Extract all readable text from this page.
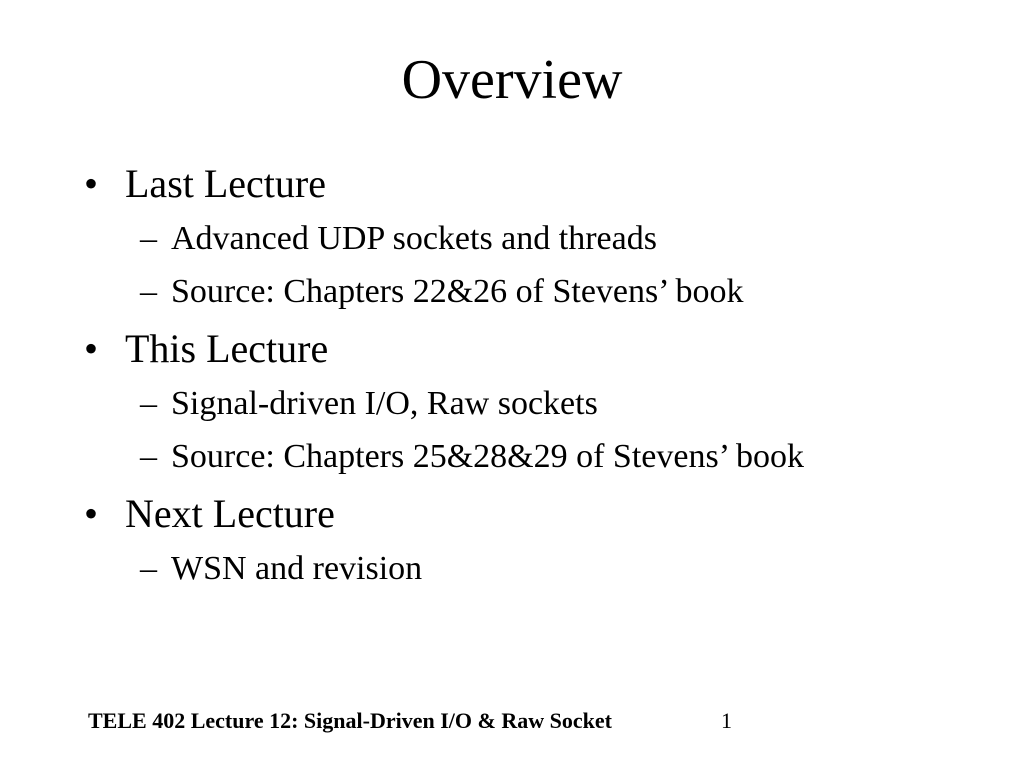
Overview
• Last Lecture
– Advanced UDP sockets and threads
– Source: Chapters 22&26 of Stevens’ book
• This Lecture
– Signal-driven I/O, Raw sockets
– Source: Chapters 25&28&29 of Stevens’ book
• Next Lecture
– WSN and revision
TELE 402 Lecture 12: Signal-Driven I/O & Raw Socket	1
